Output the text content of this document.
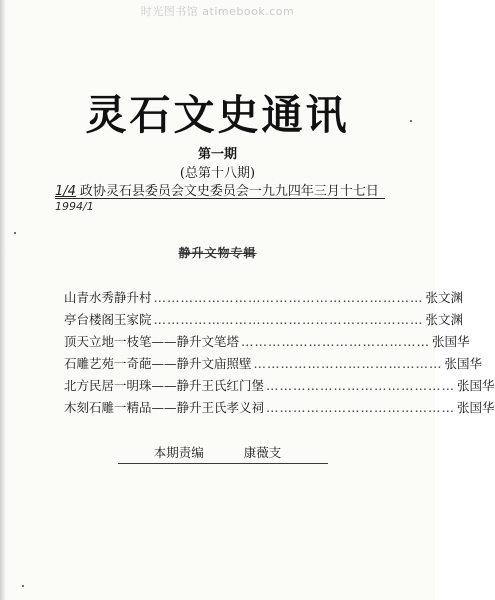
时光图书馆 atimebook.com
灵石文史通讯
第一期
(总第十八期)
1/4 政协灵石县委员会文史委员会一九九四年三月十七日
1994/1
静升文物专辑
山青水秀静升村 …………………………………………………… 张文渊
亭台楼阁王家院 …………………………………………………… 张文渊
顶天立地一枝笔——静升文笔塔 …………………………………… 张国华
石雕艺苑一奇葩——静升文庙照壁 …………………………………… 张国华
北方民居一明珠——静升王氏红门堡 …………………………………… 张国华
木刻石雕一精品——静升王氏孝义祠 …………………………………… 张国华
本期责编	康薇支
